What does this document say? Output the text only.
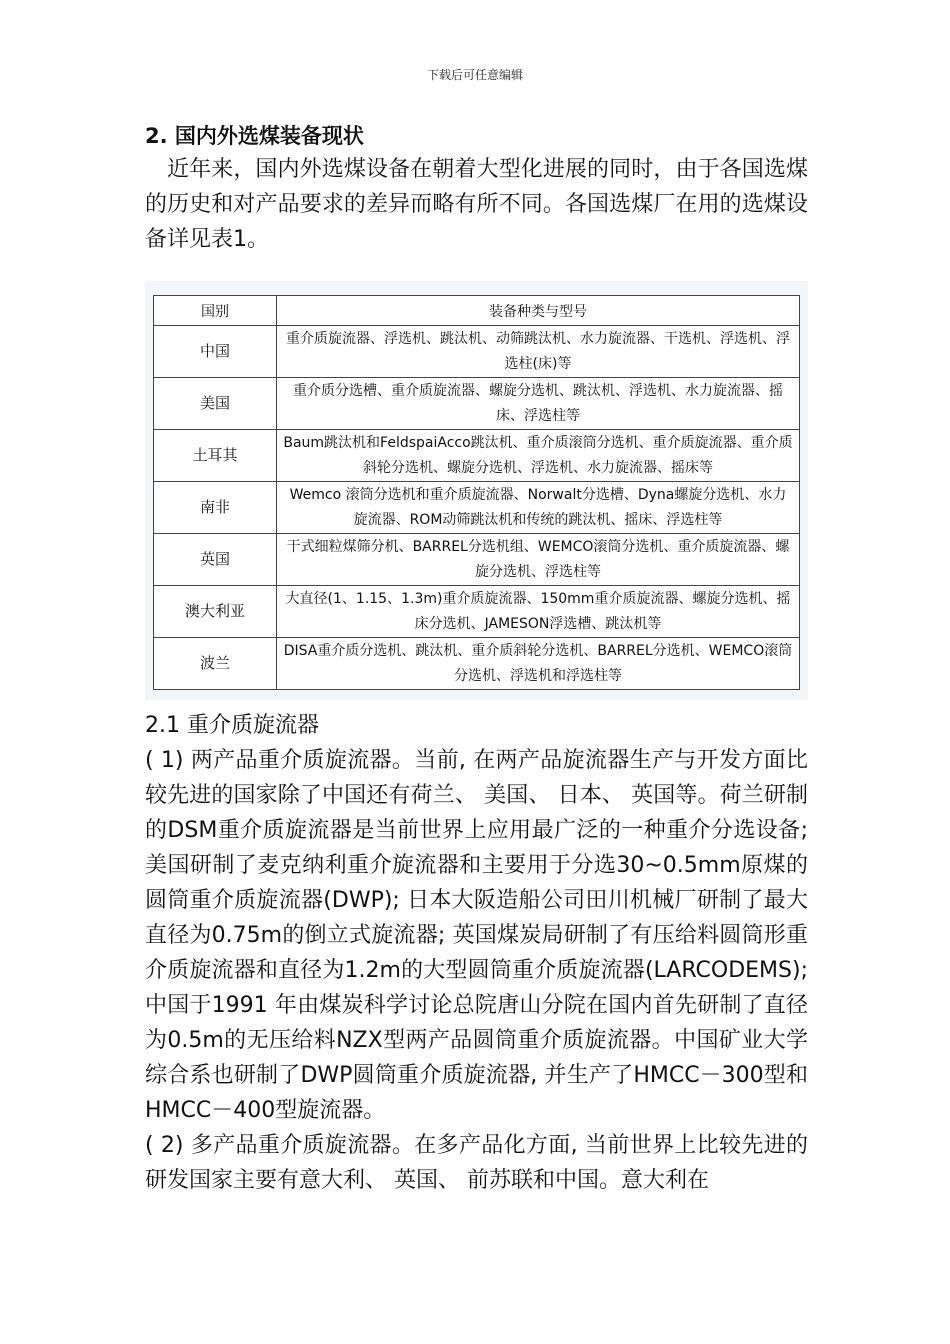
下载后可任意编辑

2. 国内外选煤装备现状

近年来，国内外选煤设备在朝着大型化进展的同时，由于各国选煤的历史和对产品要求的差异而略有所不同。各国选煤厂在用的选煤设备详见表1。

国别	装备种类与型号
中国	重介质旋流器、浮选机、跳汰机、动筛跳汰机、水力旋流器、干选机、浮选机、浮选柱(床)等
美国	重介质分选槽、重介质旋流器、螺旋分选机、跳汰机、浮选机、水力旋流器、摇床、浮选柱等
土耳其	Baum跳汰机和FeldspaiAcco跳汰机、重介质滚筒分选机、重介质旋流器、重介质斜轮分选机、螺旋分选机、浮选机、水力旋流器、摇床等
南非	Wemco 滚筒分选机和重介质旋流器、Norwalt分选槽、Dyna螺旋分选机、水力旋流器、ROM动筛跳汰机和传统的跳汰机、摇床、浮选柱等
英国	干式细粒煤筛分机、BARREL分选机组、WEMCO滚筒分选机、重介质旋流器、螺旋分选机、浮选柱等
澳大利亚	大直径(1、1.15、1.3m)重介质旋流器、150mm重介质旋流器、螺旋分选机、摇床分选机、JAMESON浮选槽、跳汰机等
波兰	DISA重介质分选机、跳汰机、重介质斜轮分选机、BARREL分选机、WEMCO滚筒分选机、浮选机和浮选柱等

2.1 重介质旋流器

( 1) 两产品重介质旋流器。当前, 在两产品旋流器生产与开发方面比较先进的国家除了中国还有荷兰、 美国、 日本、 英国等。荷兰研制的DSM重介质旋流器是当前世界上应用最广泛的一种重介分选设备; 美国研制了麦克纳利重介旋流器和主要用于分选30~0.5mm原煤的圆筒重介质旋流器(DWP); 日本大阪造船公司田川机械厂研制了最大直径为0.75m的倒立式旋流器; 英国煤炭局研制了有压给料圆筒形重介质旋流器和直径为1.2m的大型圆筒重介质旋流器(LARCODEMS); 中国于1991 年由煤炭科学讨论总院唐山分院在国内首先研制了直径为0.5m的无压给料NZX型两产品圆筒重介质旋流器。中国矿业大学综合系也研制了DWP圆筒重介质旋流器, 并生产了HMCC－300型和HMCC－400型旋流器。

( 2) 多产品重介质旋流器。在多产品化方面, 当前世界上比较先进的研发国家主要有意大利、 英国、 前苏联和中国。意大利在
